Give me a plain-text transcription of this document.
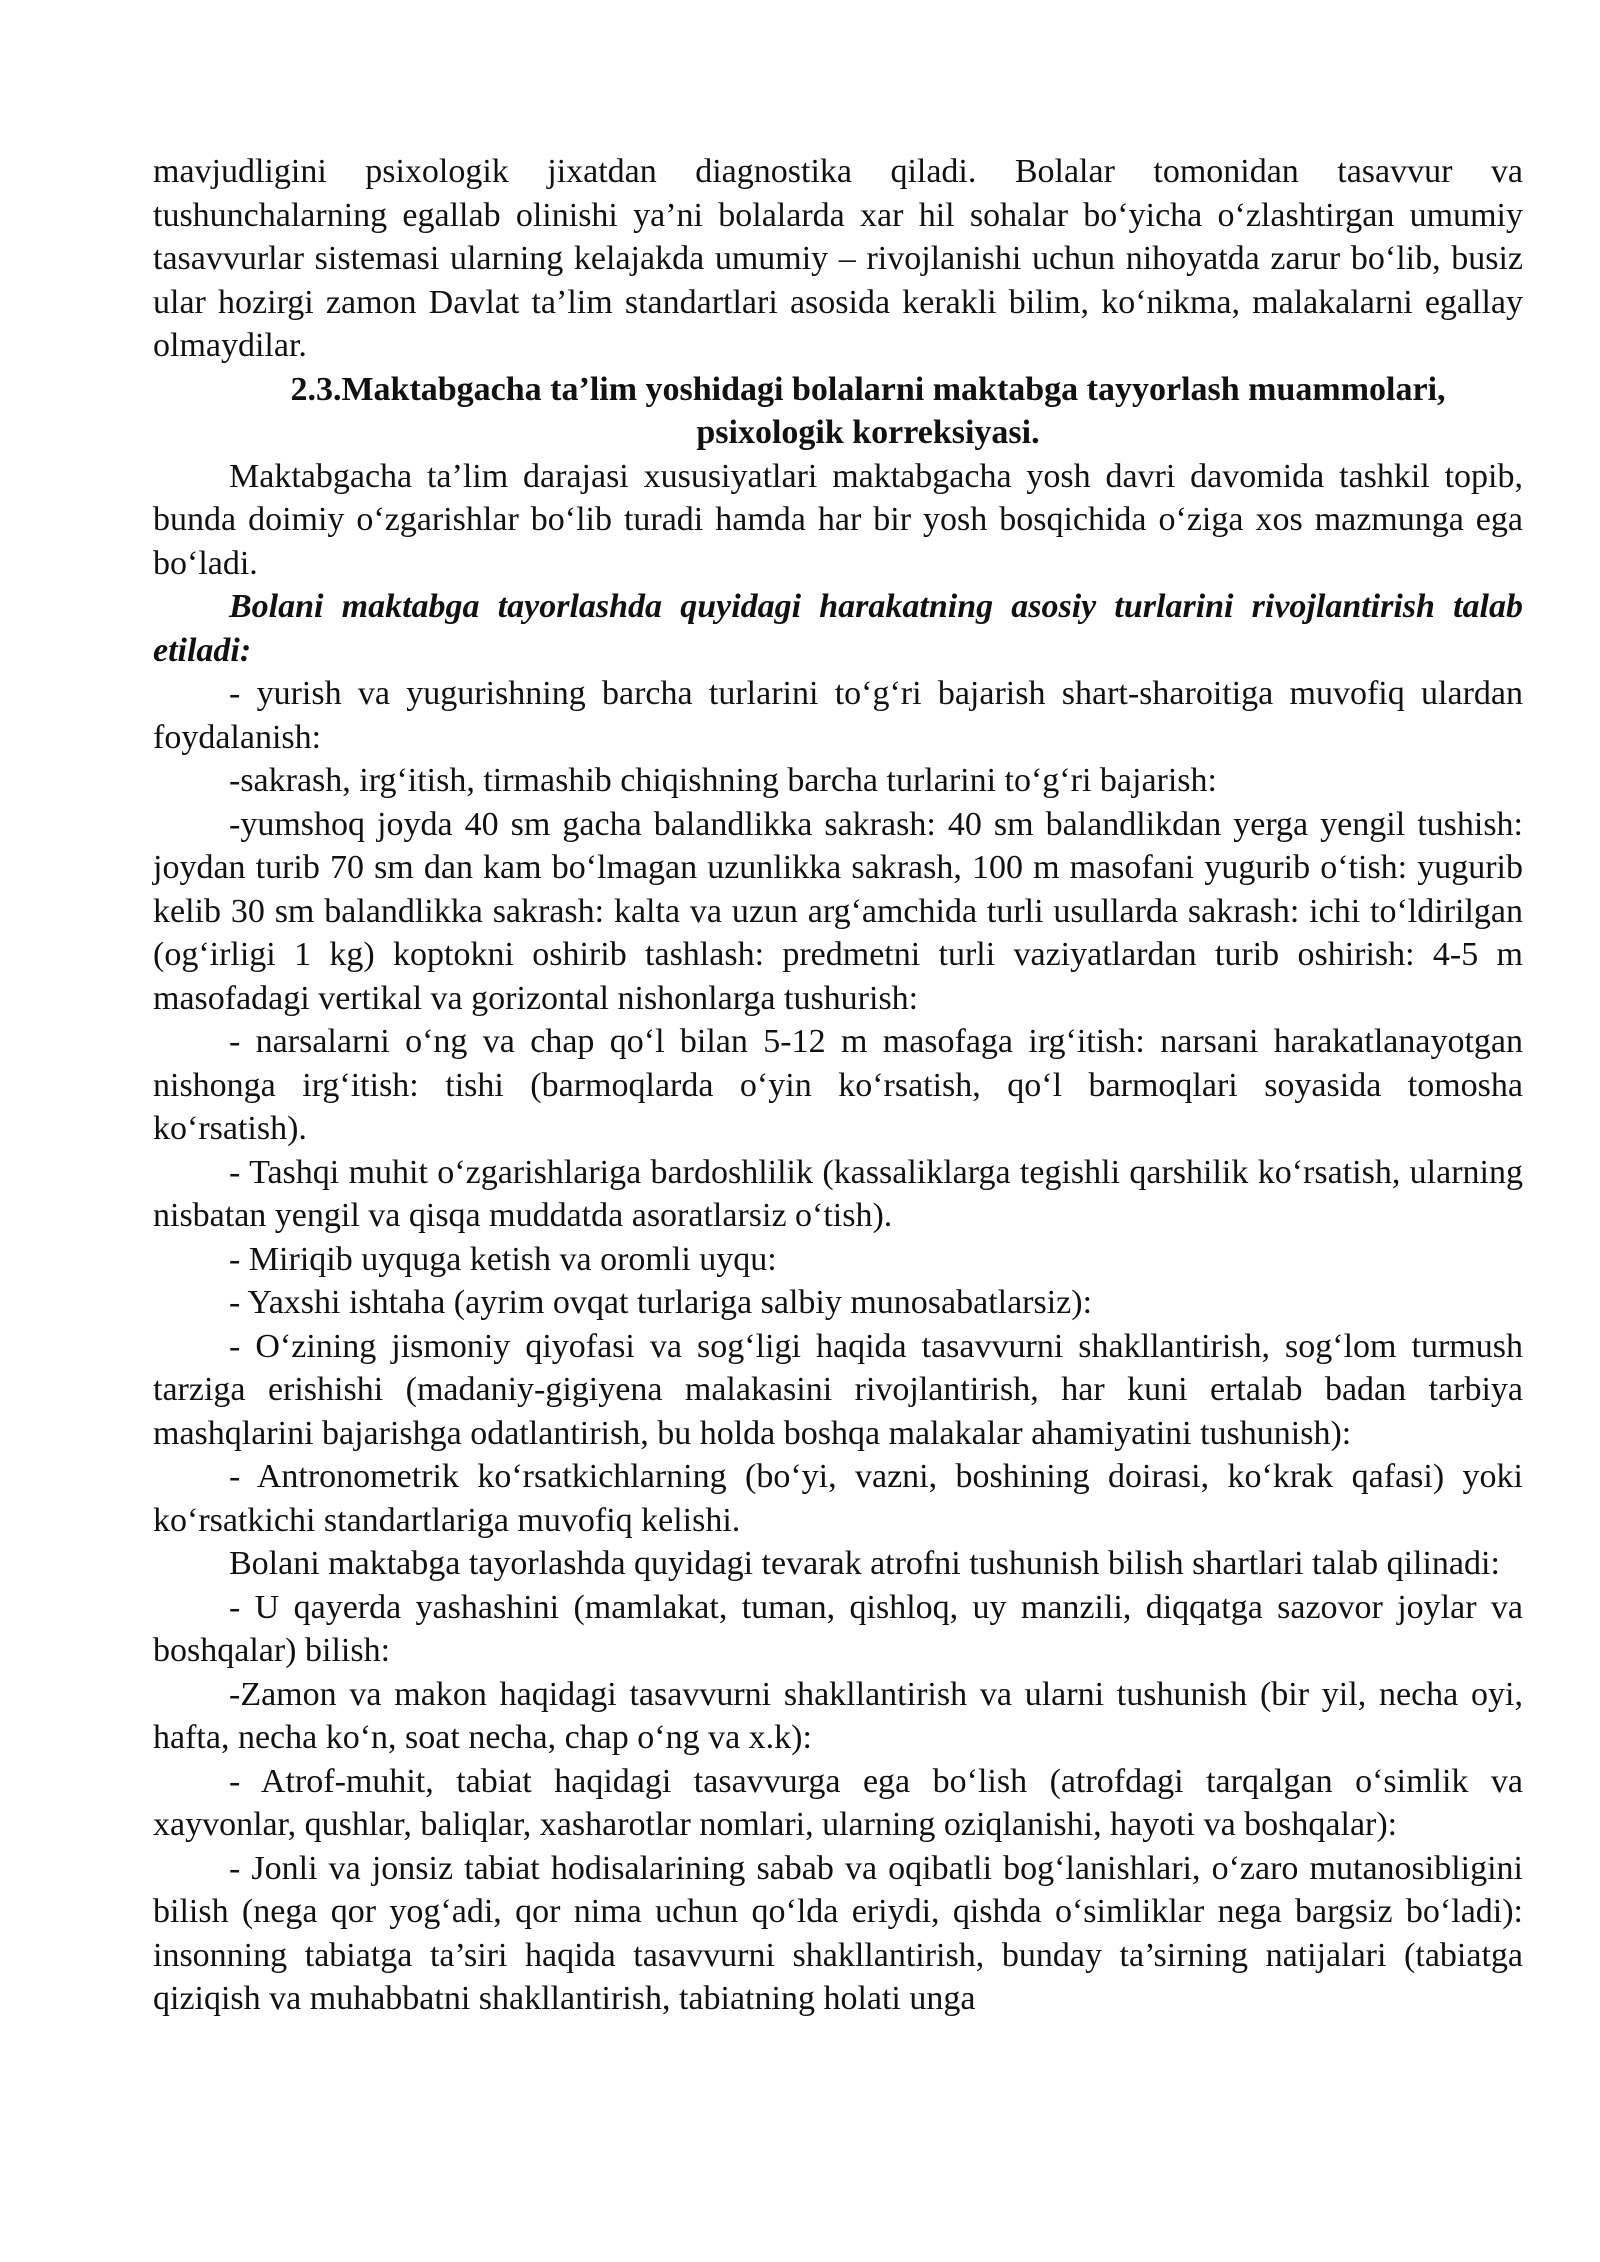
mavjudligini psixologik jixatdan diagnostika qiladi. Bolalar tomonidan tasavvur va tushunchalarning egallab olinishi ya’ni bolalarda xar hil sohalar bo‘yicha o‘zlashtirgan umumiy tasavvurlar sistemasi ularning kelajakda umumiy – rivojlanishi uchun nihoyatda zarur bo‘lib, busiz ular hozirgi zamon Davlat ta’lim standartlari asosida kerakli bilim, ko‘nikma, malakalarni egallay olmaydilar.

2.3.Maktabgacha ta’lim yoshidagi bolalarni maktabga tayyorlash muammolari, psixologik korreksiyasi.

Maktabgacha ta’lim darajasi xususiyatlari maktabgacha yosh davri davomida tashkil topib, bunda doimiy o‘zgarishlar bo‘lib turadi hamda har bir yosh bosqichida o‘ziga xos mazmunga ega bo‘ladi.

Bolani maktabga tayorlashda quyidagi harakatning asosiy turlarini rivojlantirish talab etiladi:

- yurish va yugurishning barcha turlarini to‘g‘ri bajarish shart-sharoitiga muvofiq ulardan foydalanish:

-sakrash, irg‘itish, tirmashib chiqishning barcha turlarini to‘g‘ri bajarish:

-yumshoq joyda 40 sm gacha balandlikka sakrash: 40 sm balandlikdan yerga yengil tushish: joydan turib 70 sm dan kam bo‘lmagan uzunlikka sakrash, 100 m masofani yugurib o‘tish: yugurib kelib 30 sm balandlikka sakrash: kalta va uzun arg‘amchida turli usullarda sakrash: ichi to‘ldirilgan (og‘irligi 1 kg) koptokni oshirib tashlash: predmetni turli vaziyatlardan turib oshirish: 4-5 m masofadagi vertikal va gorizontal nishonlarga tushurish:

- narsalarni o‘ng va chap qo‘l bilan 5-12 m masofaga irg‘itish: narsani harakatlanayotgan nishonga irg‘itish: tishi (barmoqlarda o‘yin ko‘rsatish, qo‘l barmoqlari soyasida tomosha ko‘rsatish).

- Tashqi muhit o‘zgarishlariga bardoshlilik (kassaliklarga tegishli qarshilik ko‘rsatish, ularning nisbatan yengil va qisqa muddatda asoratlarsiz o‘tish).

- Miriqib uyquga ketish va oromli uyqu:

- Yaxshi ishtaha (ayrim ovqat turlariga salbiy munosabatlarsiz):

- O‘zining jismoniy qiyofasi va sog‘ligi haqida tasavvurni shakllantirish, sog‘lom turmush tarziga erishishi (madaniy-gigiyena malakasini rivojlantirish, har kuni ertalab badan tarbiya mashqlarini bajarishga odatlantirish, bu holda boshqa malakalar ahamiyatini tushunish):

- Antronometrik ko‘rsatkichlarning (bo‘yi, vazni, boshining doirasi, ko‘krak qafasi) yoki ko‘rsatkichi standartlariga muvofiq kelishi.

Bolani maktabga tayorlashda quyidagi tevarak atrofni tushunish bilish shartlari talab qilinadi:

- U qayerda yashashini (mamlakat, tuman, qishloq, uy manzili, diqqatga sazovor joylar va boshqalar) bilish:

-Zamon va makon haqidagi tasavvurni shakllantirish va ularni tushunish (bir yil, necha oyi, hafta, necha ko‘n, soat necha, chap o‘ng va x.k):

- Atrof-muhit, tabiat haqidagi tasavvurga ega bo‘lish (atrofdagi tarqalgan o‘simlik va xayvonlar, qushlar, baliqlar, xasharotlar nomlari, ularning oziqlanishi, hayoti va boshqalar):

- Jonli va jonsiz tabiat hodisalarining sabab va oqibatli bog‘lanishlari, o‘zaro mutanosibligini bilish (nega qor yog‘adi, qor nima uchun qo‘lda eriydi, qishda o‘simliklar nega bargsiz bo‘ladi): insonning tabiatga ta’siri haqida tasavvurni shakllantirish, bunday ta’sirning natijalari (tabiatga qiziqish va muhabbatni shakllantirish, tabiatning holati unga
